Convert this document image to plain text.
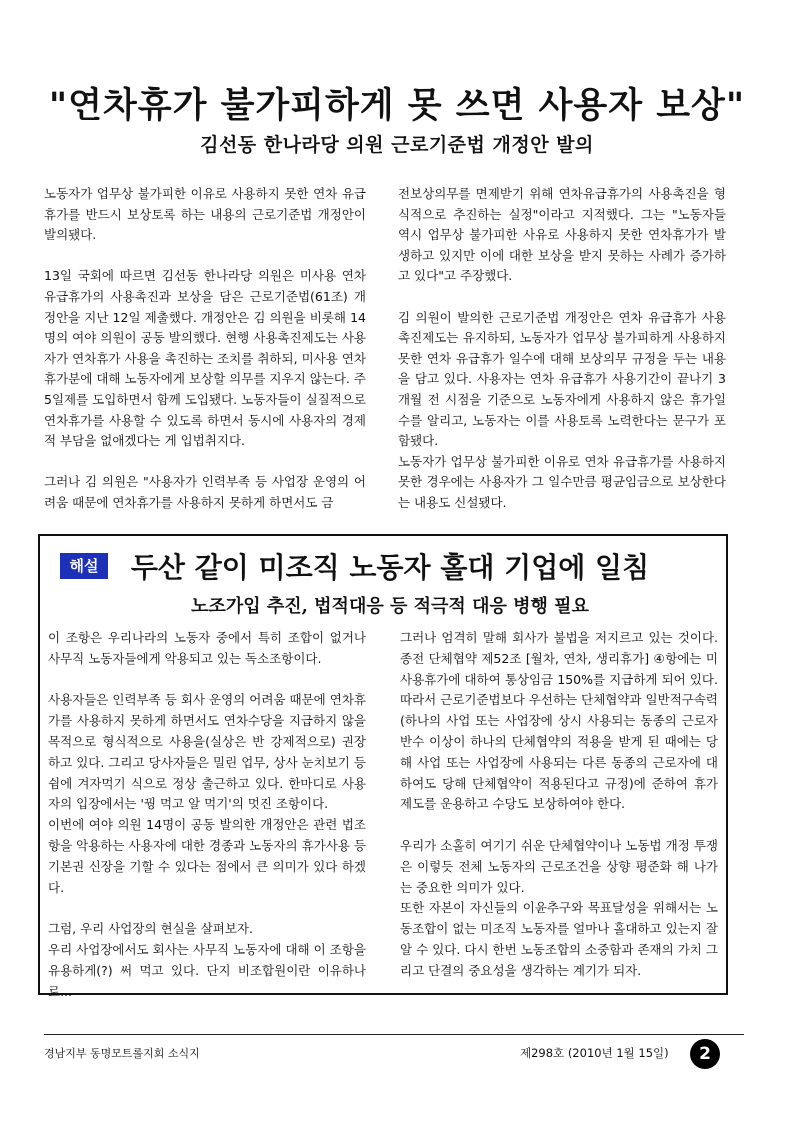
"연차휴가 불가피하게 못 쓰면 사용자 보상"
김선동 한나라당 의원 근로기준법 개정안 발의

노동자가 업무상 불가피한 이유로 사용하지 못한 연차 유급휴가를 반드시 보상토록 하는 내용의 근로기준법 개정안이 발의됐다.

13일 국회에 따르면 김선동 한나라당 의원은 미사용 연차 유급휴가의 사용촉진과 보상을 담은 근로기준법(61조) 개정안을 지난 12일 제출했다. 개정안은 김 의원을 비롯해 14명의 여야 의원이 공동 발의했다. 현행 사용촉진제도는 사용자가 연차휴가 사용을 촉진하는 조치를 취하되, 미사용 연차휴가분에 대해 노동자에게 보상할 의무를 지우지 않는다. 주 5일제를 도입하면서 함께 도입됐다. 노동자들이 실질적으로 연차휴가를 사용할 수 있도록 하면서 동시에 사용자의 경제적 부담을 없애겠다는 게 입법취지다.

그러나 김 의원은 "사용자가 인력부족 등 사업장 운영의 어려움 때문에 연차휴가를 사용하지 못하게 하면서도 금

전보상의무를 면제받기 위해 연차유급휴가의 사용촉진을 형식적으로 추진하는 실정"이라고 지적했다. 그는 "노동자들 역시 업무상 불가피한 사유로 사용하지 못한 연차휴가가 발생하고 있지만 이에 대한 보상을 받지 못하는 사례가 증가하고 있다"고 주장했다.

김 의원이 발의한 근로기준법 개정안은 연차 유급휴가 사용 촉진제도는 유지하되, 노동자가 업무상 불가피하게 사용하지 못한 연차 유급휴가 일수에 대해 보상의무 규정을 두는 내용을 담고 있다. 사용자는 연차 유급휴가 사용기간이 끝나기 3개월 전 시점을 기준으로 노동자에게 사용하지 않은 휴가일수를 알리고, 노동자는 이를 사용토록 노력한다는 문구가 포함됐다.

노동자가 업무상 불가피한 이유로 연차 유급휴가를 사용하지 못한 경우에는 사용자가 그 일수만큼 평균임금으로 보상한다는 내용도 신설됐다.

해설	두산 같이 미조직 노동자 홀대 기업에 일침
노조가입 추진, 법적대응 등 적극적 대응 병행 필요

이 조항은 우리나라의 노동자 중에서 특히 조합이 없거나 사무직 노동자들에게 악용되고 있는 독소조항이다.

사용자들은 인력부족 등 회사 운영의 어려움 때문에 연차휴가를 사용하지 못하게 하면서도 연차수당을 지급하지 않을 목적으로 형식적으로 사용을(실상은 반 강제적으로) 권장하고 있다. 그리고 당사자들은 밀린 업무, 상사 눈치보기 등 쉼에 겨자먹기 식으로 정상 출근하고 있다. 한마디로 사용자의 입장에서는 '꿩 먹고 알 먹기'의 멋진 조항이다.

이번에 여야 의원 14명이 공동 발의한 개정안은 관련 법조항을 악용하는 사용자에 대한 경종과 노동자의 휴가사용 등 기본권 신장을 기할 수 있다는 점에서 큰 의미가 있다 하겠다.

그럼, 우리 사업장의 현실을 살펴보자.

우리 사업장에서도 회사는 사무직 노동자에 대해 이 조항을 유용하게(?) 써 먹고 있다. 단지 비조합원이란 이유하나로...

그러나 엄격히 말해 회사가 불법을 저지르고 있는 것이다. 종전 단체협약 제52조 [월차, 연차, 생리휴가] ④항에는 미 사용휴가에 대하여 통상임금 150%를 지급하게 되어 있다. 따라서 근로기준법보다 우선하는 단체협약과 일반적구속력(하나의 사업 또는 사업장에 상시 사용되는 동종의 근로자 반수 이상이 하나의 단체협약의 적용을 받게 된 때에는 당해 사업 또는 사업장에 사용되는 다른 동종의 근로자에 대하여도 당해 단체협약이 적용된다고 규정)에 준하여 휴가제도를 운용하고 수당도 보상하여야 한다.

우리가 소홀히 여기기 쉬운 단체협약이나 노동법 개정 투쟁은 이렇듯 전체 노동자의 근로조건을 상향 평준화 해 나가는 중요한 의미가 있다.

또한 자본이 자신들의 이윤추구와 목표달성을 위해서는 노동조합이 없는 미조직 노동자를 얼마나 홀대하고 있는지 잘 알 수 있다. 다시 한번 노동조합의 소중함과 존재의 가치 그리고 단결의 중요성을 생각하는 계기가 되자.

경남지부 동명모트롤지회 소식지	제298호 (2010년 1월 15일)	2
